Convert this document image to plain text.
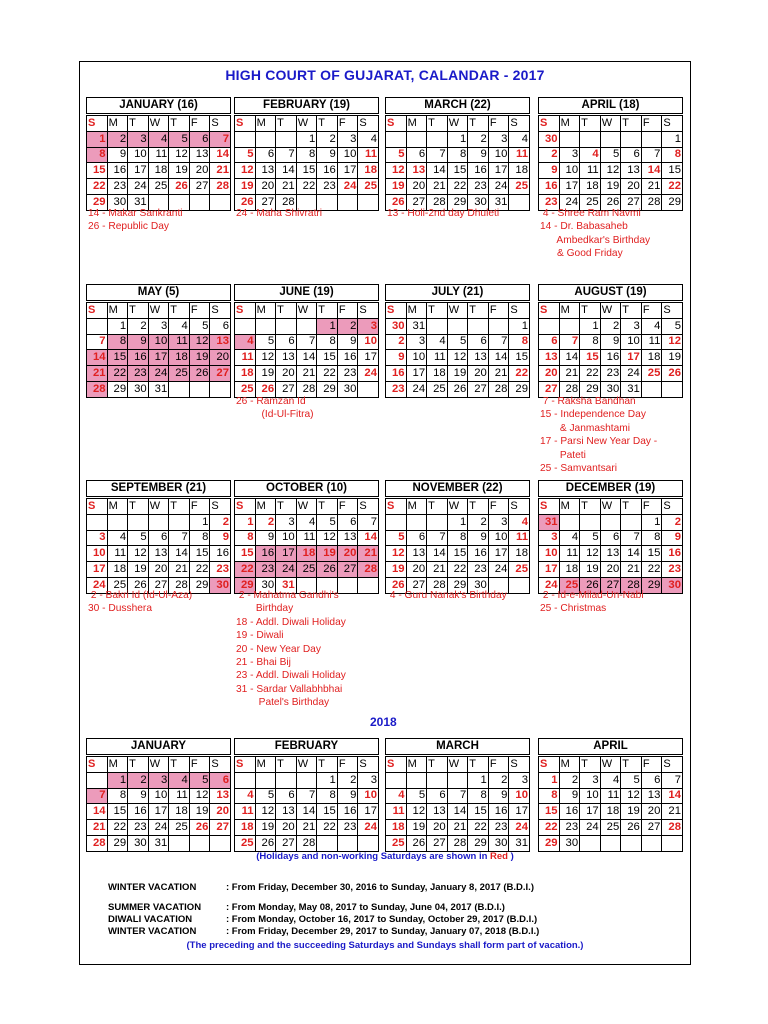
HIGH COURT OF GUJARAT, CALANDAR - 2017
JANUARY (16)
S	M	T	W	T	F	S
1	2	3	4	5	6	7
8	9	10	11	12	13	14
15	16	17	18	19	20	21
22	23	24	25	26	27	28
29	30	31				
14 - Makar Sankranti
26 - Republic Day
FEBRUARY (19)
S	M	T	W	T	F	S
			1	2	3	4
5	6	7	8	9	10	11
12	13	14	15	16	17	18
19	20	21	22	23	24	25
26	27	28				
24 - Maha Shivratri
MARCH (22)
S	M	T	W	T	F	S
			1	2	3	4
5	6	7	8	9	10	11
12	13	14	15	16	17	18
19	20	21	22	23	24	25
26	27	28	29	30	31	
13 - Holi-2nd day Dhuleti
APRIL (18)
S	M	T	W	T	F	S
30						1
2	3	4	5	6	7	8
9	10	11	12	13	14	15
16	17	18	19	20	21	22
23	24	25	26	27	28	29
4 - Shree Ram Navmi
14 - Dr. Babasaheb
Ambedkar's Birthday
& Good Friday
MAY (5)
S	M	T	W	T	F	S
	1	2	3	4	5	6
7	8	9	10	11	12	13
14	15	16	17	18	19	20
21	22	23	24	25	26	27
28	29	30	31			
JUNE (19)
S	M	T	W	T	F	S
				1	2	3
4	5	6	7	8	9	10
11	12	13	14	15	16	17
18	19	20	21	22	23	24
25	26	27	28	29	30	
26 - Ramzan Id
(Id-Ul-Fitra)
JULY (21)
S	M	T	W	T	F	S
30	31					1
2	3	4	5	6	7	8
9	10	11	12	13	14	15
16	17	18	19	20	21	22
23	24	25	26	27	28	29
AUGUST (19)
S	M	T	W	T	F	S
		1	2	3	4	5
6	7	8	9	10	11	12
13	14	15	16	17	18	19
20	21	22	23	24	25	26
27	28	29	30	31		
7 - Raksha Bandhan
15 - Independence Day
& Janmashtami
17 - Parsi New Year Day -
Pateti
25 - Samvantsari
SEPTEMBER (21)
S	M	T	W	T	F	S
					1	2
3	4	5	6	7	8	9
10	11	12	13	14	15	16
17	18	19	20	21	22	23
24	25	26	27	28	29	30
2 - Bakri Id (Id-Ul-Aza)
30 - Dusshera
OCTOBER (10)
S	M	T	W	T	F	S
1	2	3	4	5	6	7
8	9	10	11	12	13	14
15	16	17	18	19	20	21
22	23	24	25	26	27	28
29	30	31				
2 - Mahatma Gandhi's
Birthday
18 - Addl. Diwali Holiday
19 - Diwali
20 - New Year Day
21 - Bhai Bij
23 - Addl. Diwali Holiday
31 - Sardar Vallabhbhai
Patel's Birthday
NOVEMBER (22)
S	M	T	W	T	F	S
			1	2	3	4
5	6	7	8	9	10	11
12	13	14	15	16	17	18
19	20	21	22	23	24	25
26	27	28	29	30		
4 - Guru Nanak's Birthday
DECEMBER (19)
S	M	T	W	T	F	S
31					1	2
3	4	5	6	7	8	9
10	11	12	13	14	15	16
17	18	19	20	21	22	23
24	25	26	27	28	29	30
2 - Id-e-Milad-Un-Nabi
25 - Christmas
JANUARY
S	M	T	W	T	F	S
	1	2	3	4	5	6
7	8	9	10	11	12	13
14	15	16	17	18	19	20
21	22	23	24	25	26	27
28	29	30	31			
FEBRUARY
S	M	T	W	T	F	S
				1	2	3
4	5	6	7	8	9	10
11	12	13	14	15	16	17
18	19	20	21	22	23	24
25	26	27	28			
MARCH
S	M	T	W	T	F	S
				1	2	3
4	5	6	7	8	9	10
11	12	13	14	15	16	17
18	19	20	21	22	23	24
25	26	27	28	29	30	31
APRIL
S	M	T	W	T	F	S
1	2	3	4	5	6	7
8	9	10	11	12	13	14
15	16	17	18	19	20	21
22	23	24	25	26	27	28
29	30					
2018
(Holidays and non-working Saturdays are shown in Red )
WINTER VACATION	: From Friday, December 30, 2016 to Sunday, January 8, 2017 (B.D.I.)
SUMMER VACATION	: From Monday, May 08, 2017 to Sunday, June 04, 2017 (B.D.I.)
DIWALI VACATION	: From Monday, October 16, 2017 to Sunday, October 29, 2017 (B.D.I.)
WINTER VACATION	: From Friday, December 29, 2017 to Sunday, January 07, 2018 (B.D.I.)
(The preceding and the succeeding Saturdays and Sundays shall form part of vacation.)
